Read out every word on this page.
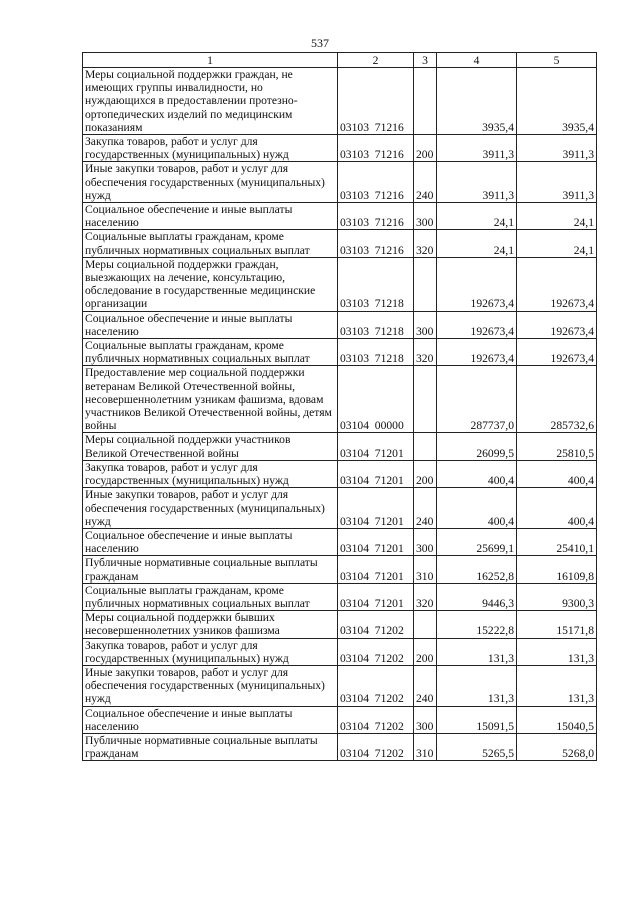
537
1	2	3	4	5
Меры социальной поддержки граждан, не имеющих группы инвалидности, но нуждающихся в предоставлении протезно-ортопедических изделий по медицинским показаниям	03103  71216		3935,4	3935,4
Закупка товаров, работ и услуг для государственных (муниципальных) нужд	03103  71216	200	3911,3	3911,3
Иные закупки товаров, работ и услуг для обеспечения государственных (муниципальных) нужд	03103  71216	240	3911,3	3911,3
Социальное обеспечение и иные выплаты населению	03103  71216	300	24,1	24,1
Социальные выплаты гражданам, кроме публичных нормативных социальных выплат	03103  71216	320	24,1	24,1
Меры социальной поддержки граждан, выезжающих на лечение, консультацию, обследование в государственные медицинские организации	03103  71218		192673,4	192673,4
Социальное обеспечение и иные выплаты населению	03103  71218	300	192673,4	192673,4
Социальные выплаты гражданам, кроме публичных нормативных социальных выплат	03103  71218	320	192673,4	192673,4
Предоставление мер социальной поддержки ветеранам Великой Отечественной войны, несовершеннолетним узникам фашизма, вдовам участников Великой Отечественной войны, детям войны	03104  00000		287737,0	285732,6
Меры социальной поддержки участников Великой Отечественной войны	03104  71201		26099,5	25810,5
Закупка товаров, работ и услуг для государственных (муниципальных) нужд	03104  71201	200	400,4	400,4
Иные закупки товаров, работ и услуг для обеспечения государственных (муниципальных) нужд	03104  71201	240	400,4	400,4
Социальное обеспечение и иные выплаты населению	03104  71201	300	25699,1	25410,1
Публичные нормативные социальные выплаты гражданам	03104  71201	310	16252,8	16109,8
Социальные выплаты гражданам, кроме публичных нормативных социальных выплат	03104  71201	320	9446,3	9300,3
Меры социальной поддержки бывших несовершеннолетних узников фашизма	03104  71202		15222,8	15171,8
Закупка товаров, работ и услуг для государственных (муниципальных) нужд	03104  71202	200	131,3	131,3
Иные закупки товаров, работ и услуг для обеспечения государственных (муниципальных) нужд	03104  71202	240	131,3	131,3
Социальное обеспечение и иные выплаты населению	03104  71202	300	15091,5	15040,5
Публичные нормативные социальные выплаты гражданам	03104  71202	310	5265,5	5268,0
